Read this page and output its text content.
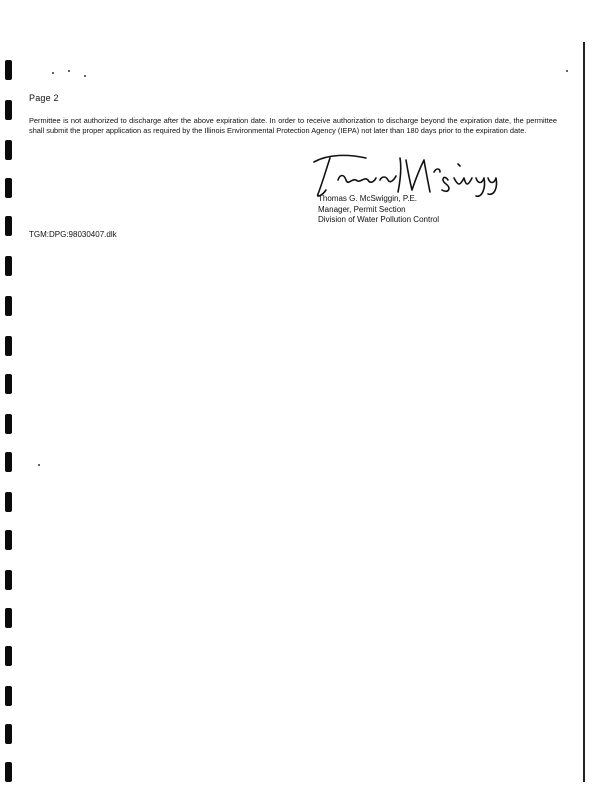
Page 2
Permittee is not authorized to discharge after the above expiration date. In order to receive authorization to discharge beyond the expiration date, the permittee shall submit the proper application as required by the Illinois Environmental Protection Agency (IEPA) not later than 180 days prior to the expiration date.
Thomas G. McSwiggin, P.E.
Manager, Permit Section
Division of Water Pollution Control
TGM:DPG:98030407.dlk
